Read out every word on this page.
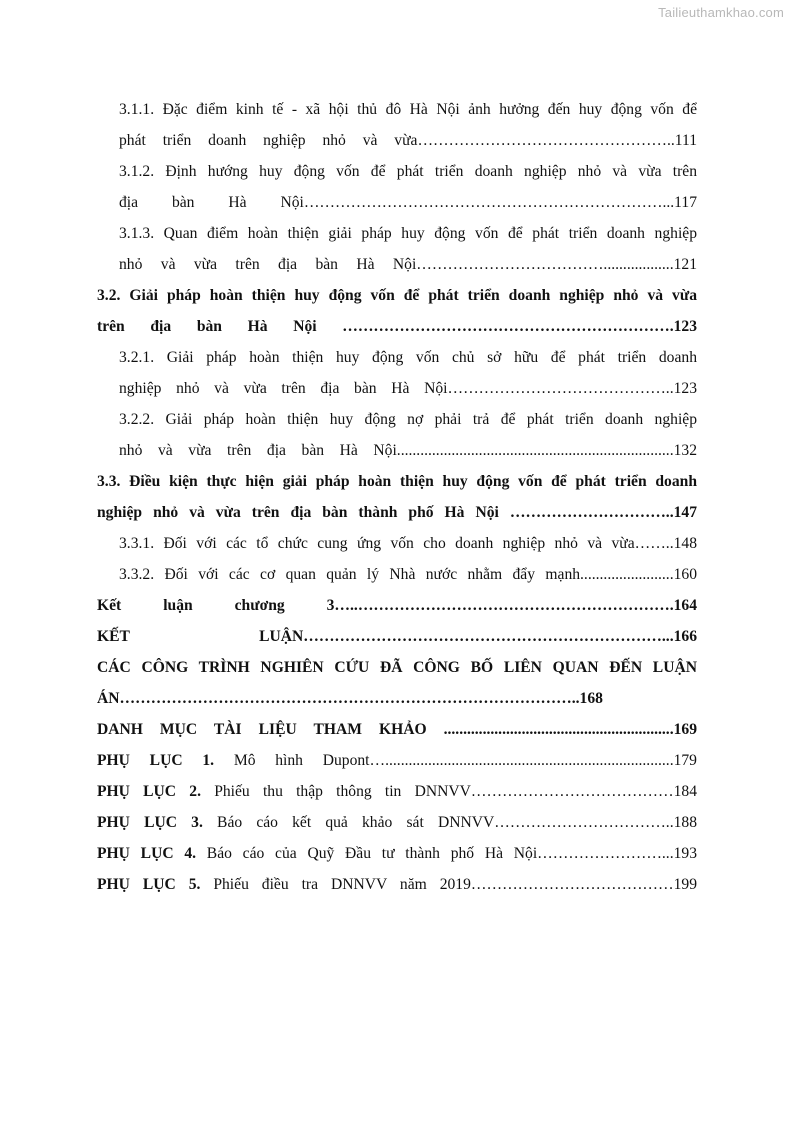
Tailieuthamkhao.com
3.1.1. Đặc điểm kinh tế - xã hội thủ đô Hà Nội ảnh hưởng đến huy động vốn để
phát triển doanh nghiệp nhỏ và vừa…………………………………………..111
3.1.2. Định hướng huy động vốn để phát triển doanh nghiệp nhỏ và vừa trên
địa bàn Hà Nội……………………………………………………………...117
3.1.3. Quan điểm hoàn thiện giải pháp huy động vốn để phát triển doanh nghiệp
nhỏ và vừa trên địa bàn Hà Nội………………………………..................121
3.2. Giải pháp hoàn thiện huy động vốn để phát triển doanh nghiệp nhỏ và vừa
trên địa bàn Hà Nội ……………………………………………………….123
3.2.1. Giải pháp hoàn thiện huy động vốn chủ sở hữu để phát triển doanh
nghiệp nhỏ và vừa trên địa bàn Hà Nội……………………………………..123
3.2.2. Giải pháp hoàn thiện huy động nợ phải trả để phát triển doanh nghiệp
nhỏ và vừa trên địa bàn Hà Nội.......................................................................132
3.3. Điều kiện thực hiện giải pháp hoàn thiện huy động vốn để phát triển doanh
nghiệp nhỏ và vừa trên địa bàn thành phố Hà Nội …………………………..147
3.3.1. Đối với các tổ chức cung ứng vốn cho doanh nghiệp nhỏ và vừa……..148
3.3.2. Đối với các cơ quan quản lý Nhà nước nhằm đẩy mạnh........................160
Kết luận chương 3…..…………………………………………………….164
KẾT LUẬN……………………………………………………………...166
CÁC CÔNG TRÌNH NGHIÊN CỨU ĐÃ CÔNG BỐ LIÊN QUAN ĐẾN LUẬN
ÁN……………………………………………………………………………..168
DANH MỤC TÀI LIỆU THAM KHẢO ...........................................................169
PHỤ LỤC 1. Mô hình Dupont…..........................................................................179
PHỤ LỤC 2. Phiếu thu thập thông tin DNNVV…………………………………184
PHỤ LỤC 3. Báo cáo kết quả khảo sát DNNVV……………………………..188
PHỤ LỤC 4. Báo cáo của Quỹ Đầu tư thành phố Hà Nội……………………...193
PHỤ LỤC 5. Phiếu điều tra DNNVV năm 2019…………………………………199
